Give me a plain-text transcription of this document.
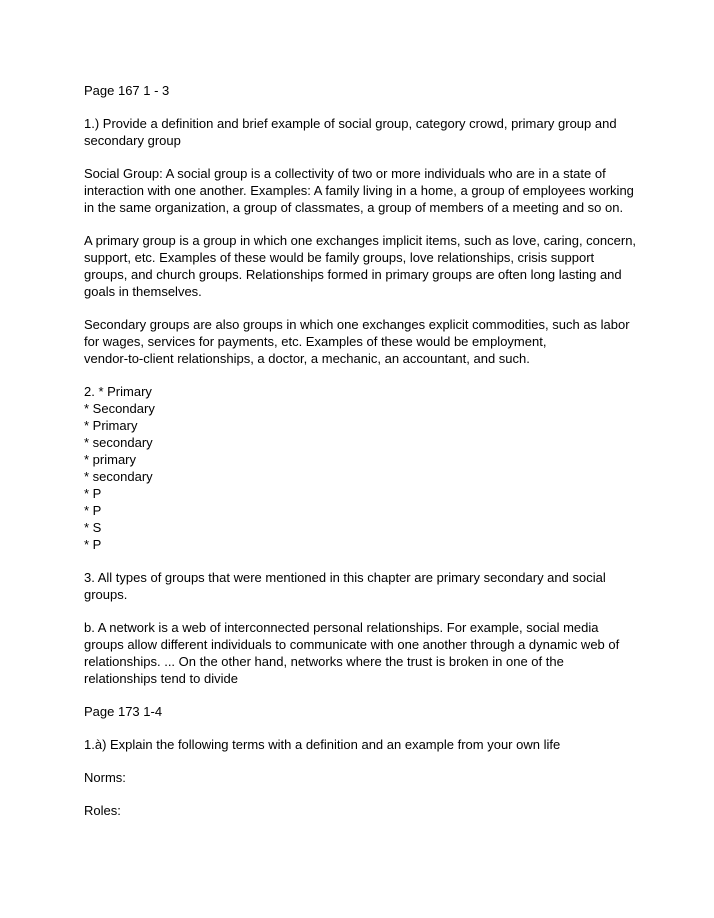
Page 167 1 - 3

1.) Provide a definition and brief example of social group, category crowd, primary group and
secondary group
Social Group: A social group is a collectivity of two or more individuals who are in a state of
interaction with one another. Examples: A family living in a home, a group of employees working
in the same organization, a group of classmates, a group of members of a meeting and so on.
A primary group is a group in which one exchanges implicit items, such as love, caring, concern,
support, etc. Examples of these would be family groups, love relationships, crisis support
groups, and church groups. Relationships formed in primary groups are often long lasting and
goals in themselves.
Secondary groups are also groups in which one exchanges explicit commodities, such as labor
for wages, services for payments, etc. Examples of these would be employment,
vendor-to-client relationships, a doctor, a mechanic, an accountant, and such.
2. * Primary
* Secondary
* Primary
* secondary
* primary
* secondary
* P
* P
* S
* P
3. All types of groups that were mentioned in this chapter are primary secondary and social
groups.
b. A network is a web of interconnected personal relationships. For example, social media
groups allow different individuals to communicate with one another through a dynamic web of
relationships. ... On the other hand, networks where the trust is broken in one of the
relationships tend to divide

Page 173 1-4

1.à) Explain the following terms with a definition and an example from your own life

Norms:

Roles:
